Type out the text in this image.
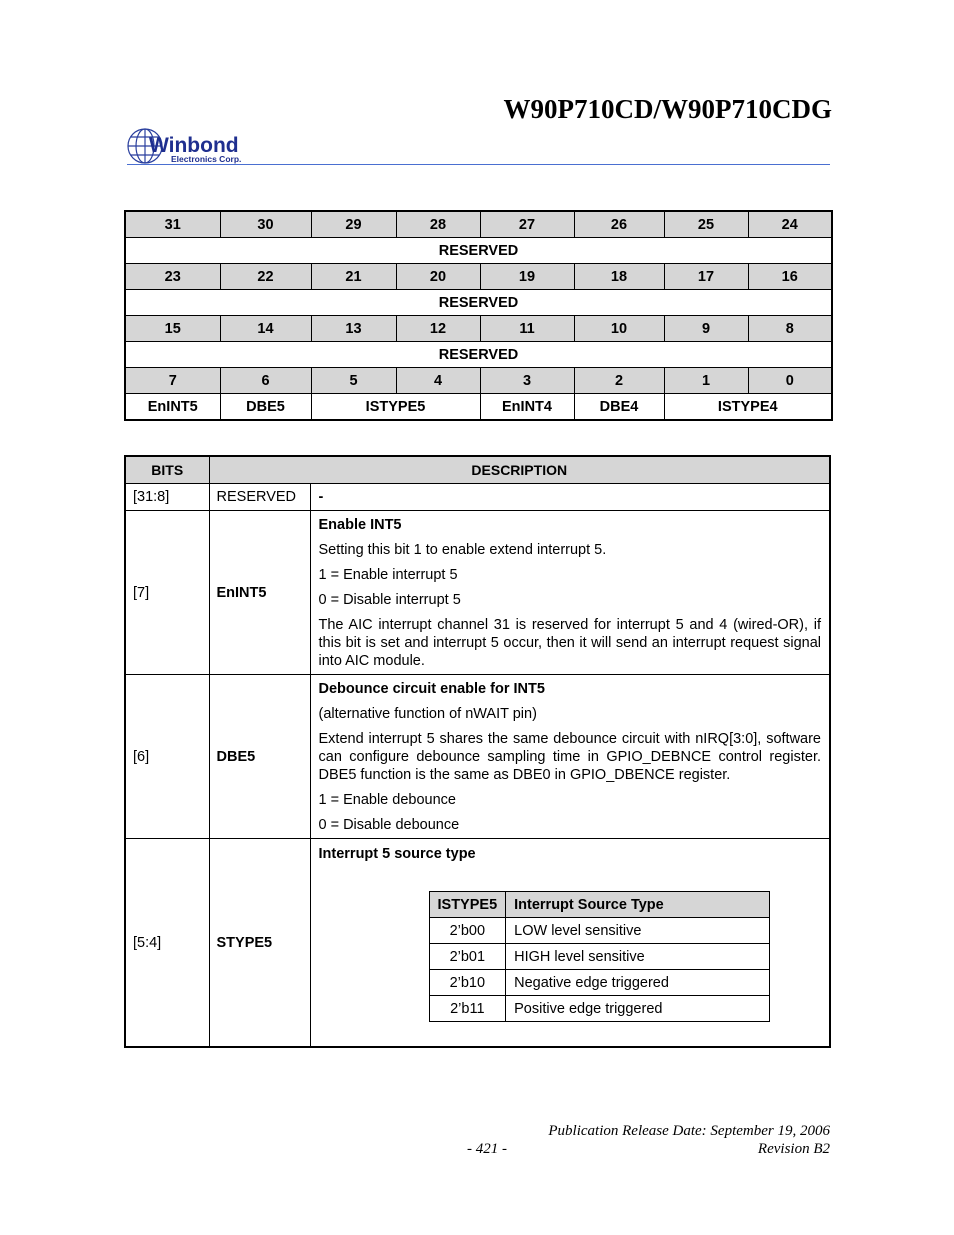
W90P710CD/W90P710CDG
Winbond
Electronics Corp.
31	30	29	28	27	26	25	24
RESERVED							
23	22	21	20	19	18	17	16
RESERVED							
15	14	13	12	11	10	9	8
RESERVED							
7	6	5	4	3	2	1	0
EnINT5	DBE5	ISTYPE5		EnINT4	DBE4	ISTYPE4	
BITS	DESCRIPTION
[31:8]	RESERVED	-

[7]	EnINT5	

Enable INT5

Setting this bit 1 to enable extend interrupt 5.

1 = Enable interrupt 5

0 = Disable interrupt 5

The AIC interrupt channel 31 is reserved for interrupt 5 and 4 (wired-OR), if this bit is set and interrupt 5 occur, then it will send an interrupt request signal into AIC module.

[6]	DBE5	

Debounce circuit enable for INT5

(alternative function of nWAIT pin)

Extend interrupt 5 shares the same debounce circuit with nIRQ[3:0], software can configure debounce sampling time in GPIO_DEBNCE control register. DBE5 function is the same as DBE0 in GPIO_DBENCE register.

1 = Enable debounce

0 = Disable debounce

[5:4]	STYPE5	

Interrupt 5 source type

ISTYPE5	Interrupt Source Type
2’b00	LOW level sensitive
2’b01	HIGH level sensitive
2’b10	Negative edge triggered
2’b11	Positive edge triggered
Publication Release Date: September 19, 2006
- 421 -	Revision B2
